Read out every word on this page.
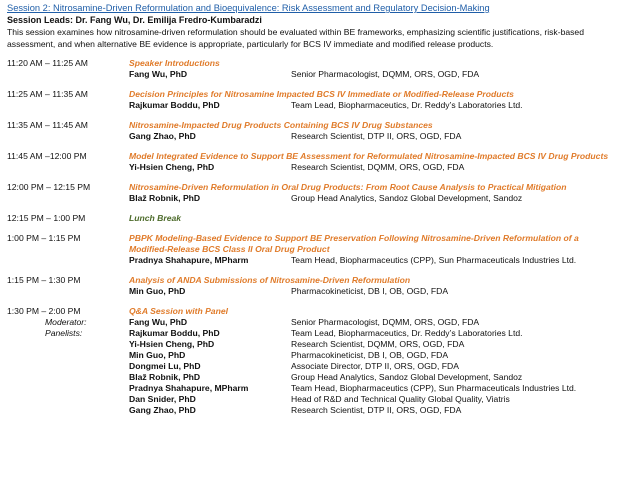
Session 2: Nitrosamine-Driven Reformulation and Bioequivalence: Risk Assessment and Regulatory Decision-Making
Session Leads: Dr. Fang Wu, Dr. Emilija Fredro-Kumbaradzi
This session examines how nitrosamine-driven reformulation should be evaluated within BE frameworks, emphasizing scientific justifications, risk-based assessment, and when alternative BE evidence is appropriate, particularly for BCS IV immediate and modified release products.
11:20 AM – 11:25 AM	Speaker Introductions
Fang Wu, PhD	Senior Pharmacologist, DQMM, ORS, OGD, FDA
11:25 AM – 11:35 AM	Decision Principles for Nitrosamine Impacted BCS IV Immediate or Modified-Release Products
Rajkumar Boddu, PhD	Team Lead, Biopharmaceutics, Dr. Reddy’s Laboratories Ltd.
11:35 AM – 11:45 AM	Nitrosamine-Impacted Drug Products Containing BCS IV Drug Substances
Gang Zhao, PhD	Research Scientist, DTP II, ORS, OGD, FDA
11:45 AM –12:00 PM	Model Integrated Evidence to Support BE Assessment for Reformulated Nitrosamine-Impacted BCS IV Drug Products
Yi-Hsien Cheng, PhD	Research Scientist, DQMM, ORS, OGD, FDA
12:00 PM – 12:15 PM	Nitrosamine-Driven Reformulation in Oral Drug Products: From Root Cause Analysis to Practical Mitigation
Blaž Robnik, PhD	Group Head Analytics, Sandoz Global Development, Sandoz
12:15 PM – 1:00 PM	Lunch Break
1:00 PM – 1:15 PM	PBPK Modeling-Based Evidence to Support BE Preservation Following Nitrosamine-Driven Reformulation of a Modified-Release BCS Class II Oral Drug Product
Pradnya Shahapure, MPharm	Team Head, Biopharmaceutics (CPP), Sun Pharmaceuticals Industries Ltd.
1:15 PM – 1:30 PM	Analysis of ANDA Submissions of Nitrosamine-Driven Reformulation
Min Guo, PhD	Pharmacokineticist, DB I, OB, OGD, FDA
1:30 PM – 2:00 PM	Q&A Session with Panel
Moderator:	Fang Wu, PhD	Senior Pharmacologist, DQMM, ORS, OGD, FDA
Panelists:	Rajkumar Boddu, PhD	Team Lead, Biopharmaceutics, Dr. Reddy’s Laboratories Ltd.
Yi-Hsien Cheng, PhD	Research Scientist, DQMM, ORS, OGD, FDA
Min Guo, PhD	Pharmacokineticist, DB I, OB, OGD, FDA
Dongmei Lu, PhD	Associate Director, DTP II, ORS, OGD, FDA
Blaž Robnik, PhD	Group Head Analytics, Sandoz Global Development, Sandoz
Pradnya Shahapure, MPharm	Team Head, Biopharmaceutics (CPP), Sun Pharmaceuticals Industries Ltd.
Dan Snider, PhD	Head of R&D and Technical Quality Global Quality, Viatris
Gang Zhao, PhD	Research Scientist, DTP II, ORS, OGD, FDA
